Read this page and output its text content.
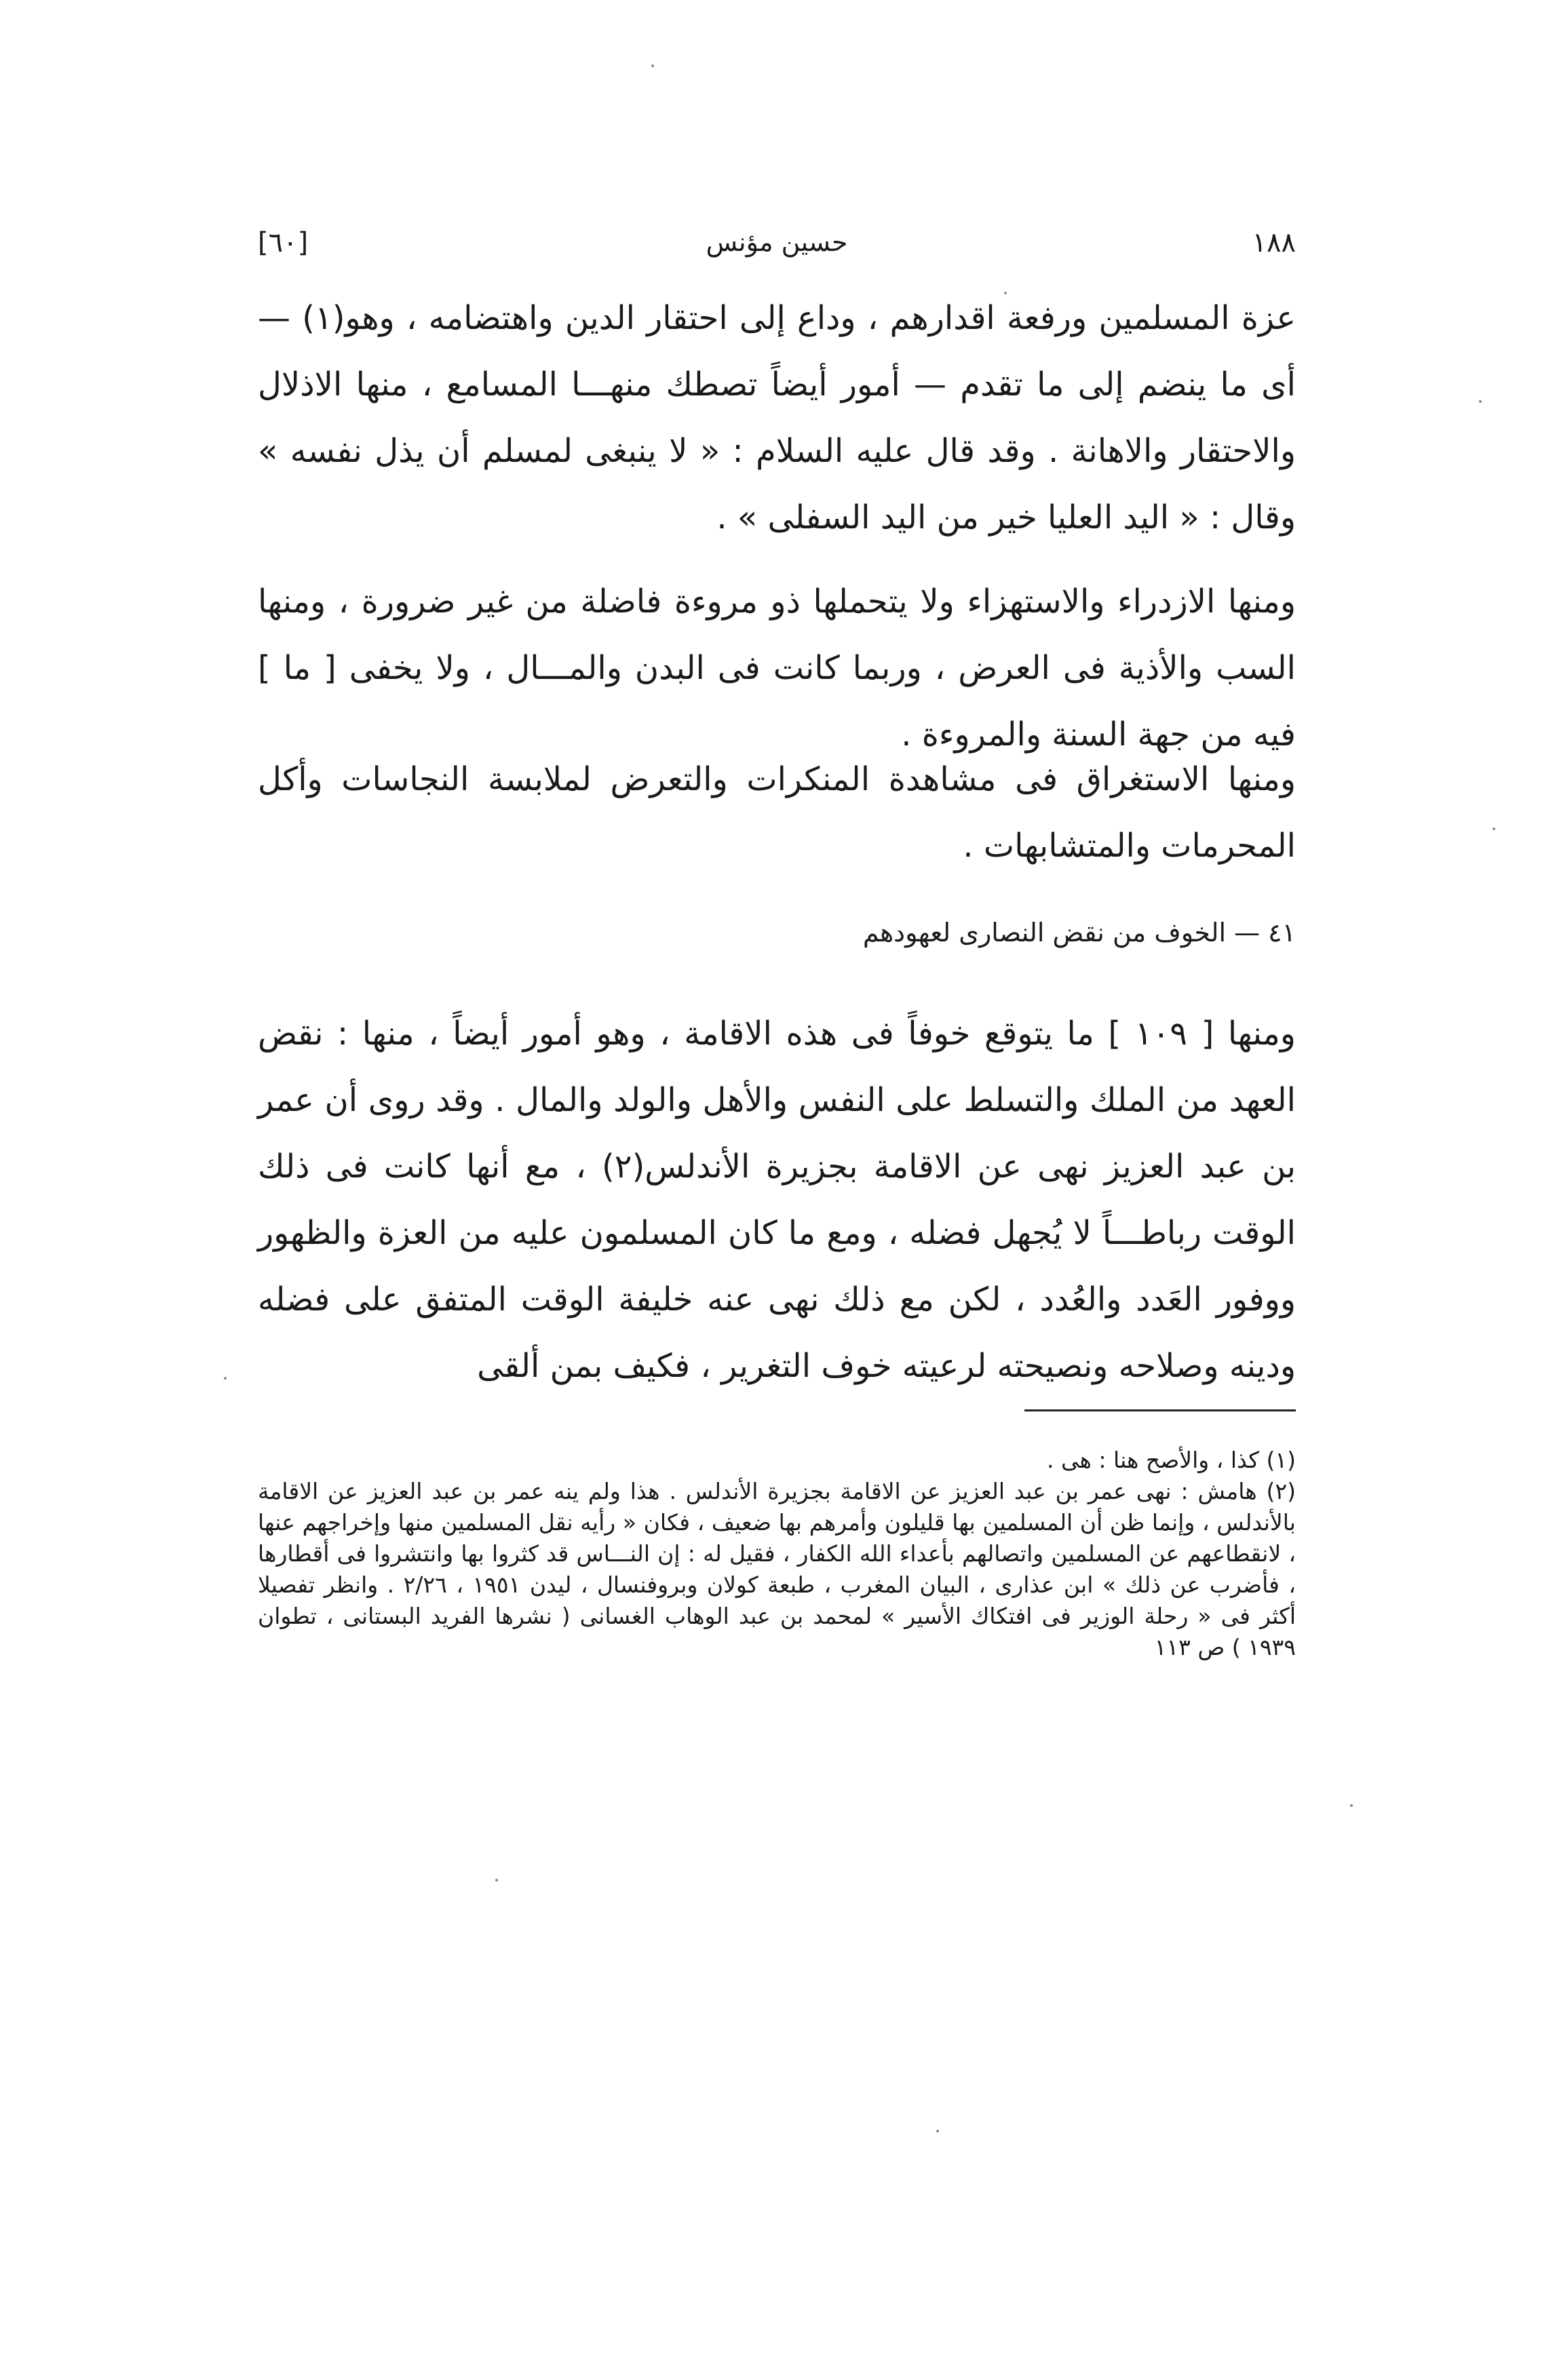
[٦٠]	حسين مؤنس	١٨٨

عزة المسلمين ورفعة اقدارهم ، وداع إلى احتقار الدين واهتضامه ، وهو(١) — أى ما ينضم إلى ما تقدم — أمور أيضاً تصطك منهـــا المسامع ، منها الاذلال والاحتقار والاهانة . وقد قال عليه السلام : « لا ينبغى لمسلم أن يذل نفسه » وقال : « اليد العليا خير من اليد السفلى » .

ومنها الازدراء والاستهزاء ولا يتحملها ذو مروءة فاضلة من غير ضرورة ، ومنها السب والأذية فى العرض ، وربما كانت فى البدن والمـــال ، ولا يخفى [ ما ] فيه من جهة السنة والمروءة .

ومنها الاستغراق فى مشاهدة المنكرات والتعرض لملابسة النجاسات وأكل المحرمات والمتشابهات .

٤١ — الخوف من نقض النصارى لعهودهم

ومنها [ ١٠٩ ] ما يتوقع خوفاً فى هذه الاقامة ، وهو أمور أيضاً ، منها : نقض العهد من الملك والتسلط على النفس والأهل والولد والمال . وقد روى أن عمر بن عبد العزيز نهى عن الاقامة بجزيرة الأندلس(٢) ، مع أنها كانت فى ذلك الوقت رباطـــاً لا يُجهل فضله ، ومع ما كان المسلمون عليه من العزة والظهور ووفور العَدد والعُدد ، لكن مع ذلك نهى عنه خليفة الوقت المتفق على فضله ودينه وصلاحه ونصيحته لرعيته خوف التغرير ، فكيف بمن ألقى

(١) كذا ، والأصح هنا : هى .

(٢) هامش : نهى عمر بن عبد العزيز عن الاقامة بجزيرة الأندلس . هذا ولم ينه عمر بن عبد العزيز عن الاقامة بالأندلس ، وإنما ظن أن المسلمين بها قليلون وأمرهم بها ضعيف ، فكان « رأيه نقل المسلمين منها وإخراجهم عنها ، لانقطاعهم عن المسلمين واتصالهم بأعداء الله الكفار ، فقيل له : إن النـــاس قد كثروا بها وانتشروا فى أقطارها ، فأضرب عن ذلك » ابن عذارى ، البيان المغرب ، طبعة كولان وبروفنسال ، ليدن ١٩٥١ ، ٢/٢٦ . وانظر تفصيلا أكثر فى « رحلة الوزير فى افتكاك الأسير » لمحمد بن عبد الوهاب الغسانى ( نشرها الفريد البستانى ، تطوان ١٩٣٩ ) ص ١١٣
